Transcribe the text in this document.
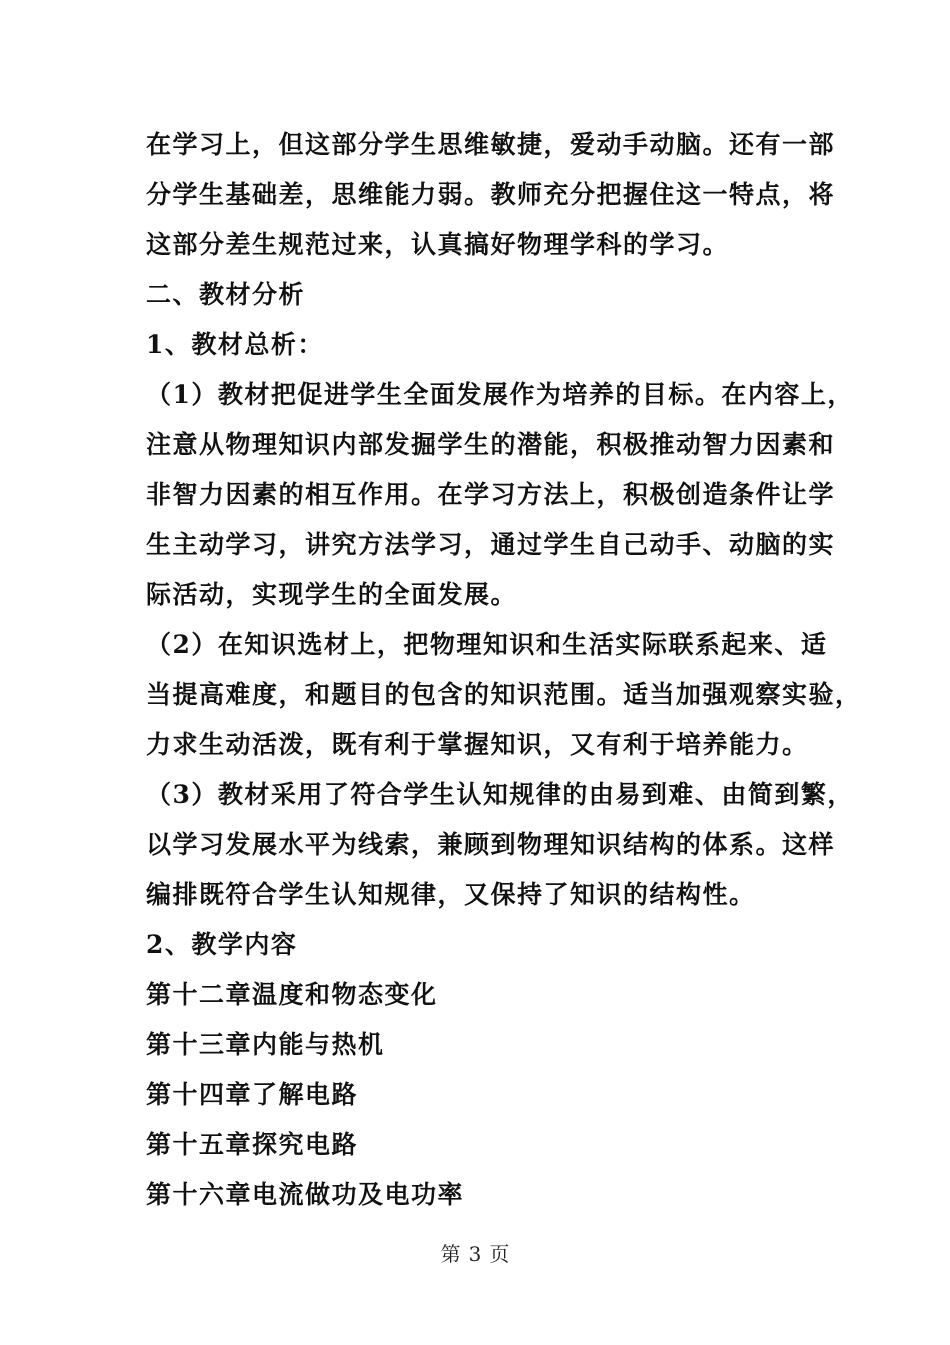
在学习上，但这部分学生思维敏捷，爱动手动脑。还有一部
分学生基础差，思维能力弱。教师充分把握住这一特点，将
这部分差生规范过来，认真搞好物理学科的学习。
二、教材分析
1、教材总析：
（1）教材把促进学生全面发展作为培养的目标。在内容上，
注意从物理知识内部发掘学生的潜能，积极推动智力因素和
非智力因素的相互作用。在学习方法上，积极创造条件让学
生主动学习，讲究方法学习，通过学生自己动手、动脑的实
际活动，实现学生的全面发展。
（2）在知识选材上，把物理知识和生活实际联系起来、适
当提高难度，和题目的包含的知识范围。适当加强观察实验，
力求生动活泼，既有利于掌握知识，又有利于培养能力。
（3）教材采用了符合学生认知规律的由易到难、由简到繁，
以学习发展水平为线索，兼顾到物理知识结构的体系。这样
编排既符合学生认知规律，又保持了知识的结构性。
2、教学内容
第十二章温度和物态变化
第十三章内能与热机
第十四章了解电路
第十五章探究电路
第十六章电流做功及电功率
第 3 页
